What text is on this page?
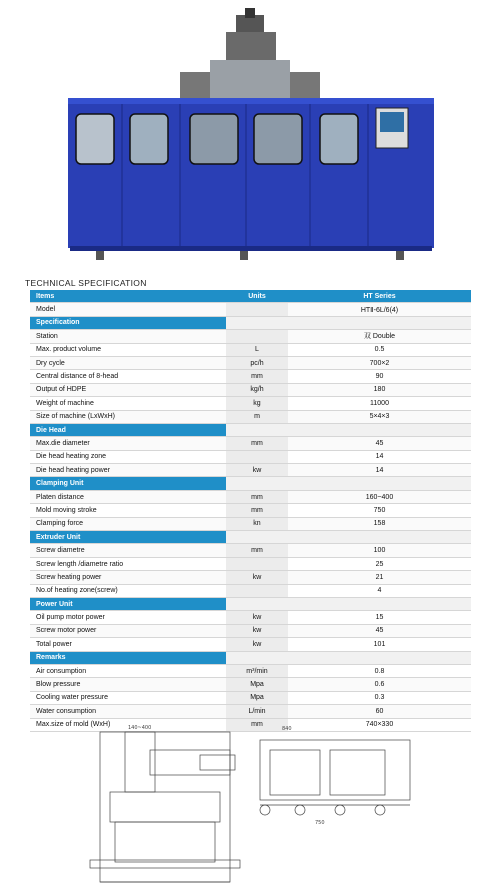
TECHNICAL SPECIFICATION
Items	Units	HT Series
Model		HTⅡ-6L/6(4)
Specification		
Station		双 Double
Max. product volume	L	0.5
Dry cycle	pc/h	700×2
Central distance of 8-head	mm	90
Output of HDPE	kg/h	180
Weight of machine	kg	11000
Size of machine (LxWxH)	m	5×4×3
Die Head		
Max.die diameter	mm	45
Die head heating zone		14
Die head heating power	kw	14
Clamping Unit		
Platen distance	mm	160~400
Mold moving stroke	mm	750
Clamping force	kn	158
Extruder Unit		
Screw diametre	mm	100
Screw length /diametre ratio		25
Screw heating power	kw	21
No.of heating zone(screw)		4
Power Unit		
Oil pump motor power	kw	15
Screw motor power	kw	45
Total power	kw	101
Remarks		
Air consumption	m³/min	0.8
Blow pressure	Mpa	0.6
Cooling water pressure	Mpa	0.3
Water consumption	L/min	60
Max.size of mold (WxH)	mm	740×330
140~400	840
750
